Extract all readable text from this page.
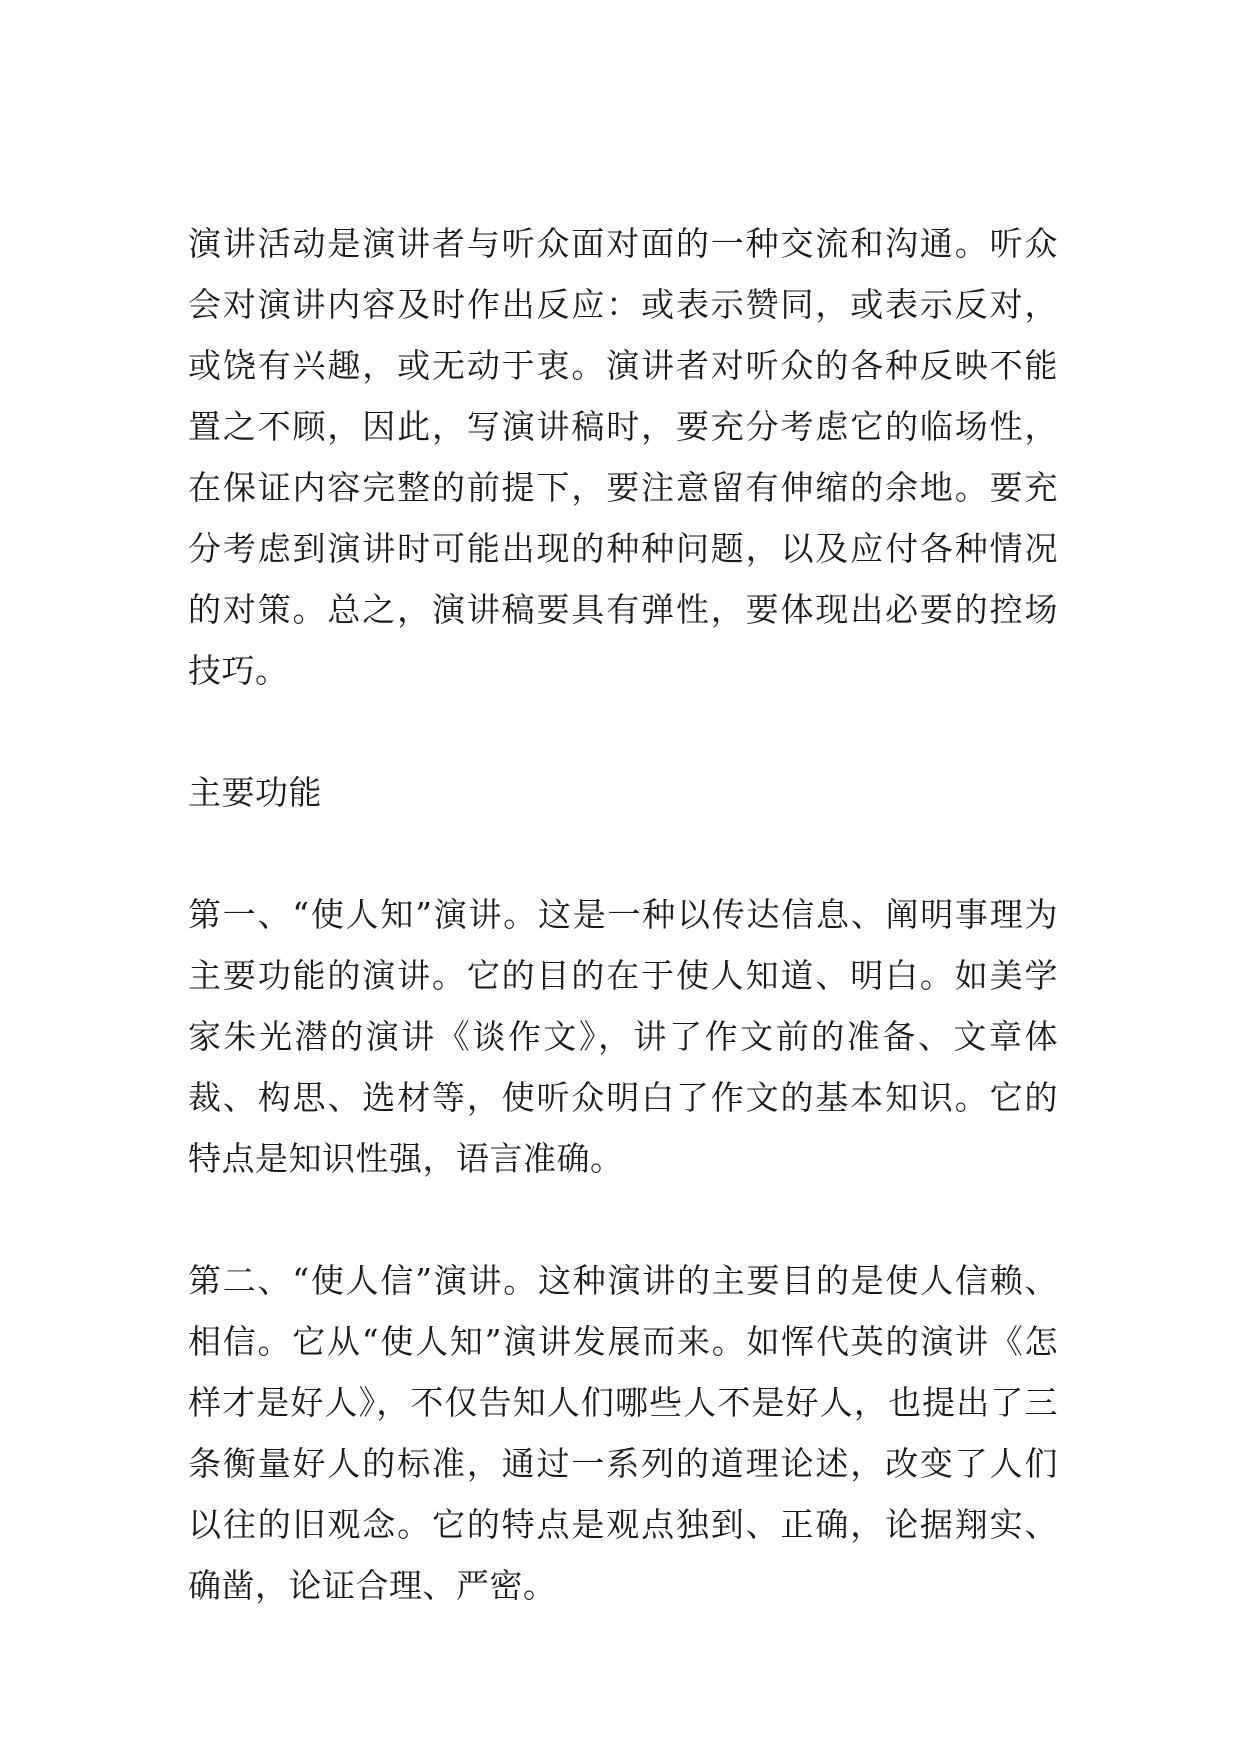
演讲活动是演讲者与听众面对面的一种交流和沟通。听众会对演讲内容及时作出反应：或表示赞同，或表示反对，或饶有兴趣，或无动于衷。演讲者对听众的各种反映不能置之不顾，因此，写演讲稿时，要充分考虑它的临场性，在保证内容完整的前提下，要注意留有伸缩的余地。要充分考虑到演讲时可能出现的种种问题，以及应付各种情况的对策。总之，演讲稿要具有弹性，要体现出必要的控场技巧。

主要功能

第一、“使人知”演讲。这是一种以传达信息、阐明事理为主要功能的演讲。它的目的在于使人知道、明白。如美学家朱光潜的演讲《谈作文》，讲了作文前的准备、文章体裁、构思、选材等，使听众明白了作文的基本知识。它的特点是知识性强，语言准确。

第二、“使人信”演讲。这种演讲的主要目的是使人信赖、相信。它从“使人知”演讲发展而来。如恽代英的演讲《怎样才是好人》，不仅告知人们哪些人不是好人，也提出了三条衡量好人的标准，通过一系列的道理论述，改变了人们以往的旧观念。它的特点是观点独到、正确，论据翔实、确凿，论证合理、严密。
